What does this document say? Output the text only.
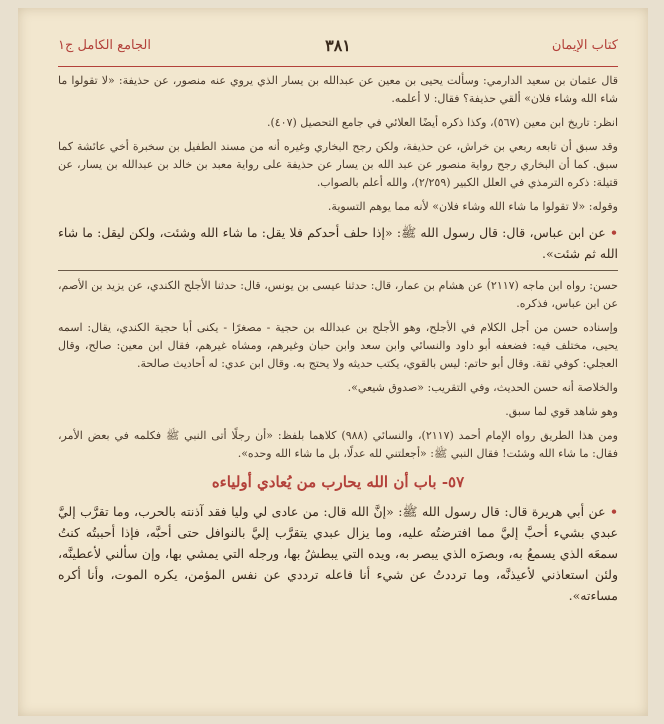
الجامع الكامل ج١	٣٨١	كتاب الإيمان

قال عثمان بن سعيد الدارمي: وسألت يحيى بن معين عن عبدالله بن يسار الذي يروي عنه منصور، عن حذيفة: «لا تقولوا ما شاء الله وشاء فلان» ألقي حذيفة؟ فقال: لا أعلمه.

انظر: تاريخ ابن معين (٥٦٧)، وكذا ذكره أيضًا العلائي في جامع التحصيل (٤٠٧).

وقد سبق أن تابعه ربعي بن خراش، عن حذيفة، ولكن رجح البخاري وغيره أنه من مسند الطفيل بن سخبرة أخي عائشة كما سبق. كما أن البخاري رجح رواية منصور عن عبد الله بن يسار عن حذيفة على رواية معبد بن خالد بن عبدالله بن يسار، عن قتيلة: ذكره الترمذي في العلل الكبير (٢/٢٥٩)، والله أعلم بالصواب.

وقوله: «لا تقولوا ما شاء الله وشاء فلان» لأنه مما يوهم التسوية.

• عن ابن عباس، قال: قال رسول الله ﷺ: «إذا حلف أحدكم فلا يقل: ما شاء الله وشئت، ولكن ليقل: ما شاء الله ثم شئت».

حسن: رواه ابن ماجه (٢١١٧) عن هشام بن عمار، قال: حدثنا عيسى بن يونس، قال: حدثنا الأجلح الكندي، عن يزيد بن الأصم، عن ابن عباس، فذكره.

وإسناده حسن من أجل الكلام في الأجلح، وهو الأجلح بن عبدالله بن حجية - مصغرًا - يكنى أبا حجية الكندي، يقال: اسمه يحيى، مختلف فيه: فضعفه أبو داود والنسائي وابن سعد وابن حبان وغيرهم، ومشاه غيرهم، فقال ابن معين: صالح، وقال العجلي: كوفي ثقة. وقال أبو حاتم: ليس بالقوي، يكتب حديثه ولا يحتج به. وقال ابن عدي: له أحاديث صالحة.

والخلاصة أنه حسن الحديث، وفي التقريب: «صدوق شيعي».

وهو شاهد قوي لما سبق.

ومن هذا الطريق رواه الإمام أحمد (٢١١٧)، والنسائي (٩٨٨) كلاهما بلفظ: «أن رجلًا أتى النبي ﷺ فكلمه في بعض الأمر، فقال: ما شاء الله وشئت! فقال النبي ﷺ: «أجعلتني لله عدلًا، بل ما شاء الله وحده».

٥٧- باب أن الله يحارب من يُعادي أولياءه

• عن أبي هريرة قال: قال رسول الله ﷺ: «إنَّ الله قال: من عادى لي وليا فقد آذنته بالحرب، وما تقرَّب إليَّ عبدي بشيء أحبَّ إليَّ مما افترضتُه عليه، وما يزال عبدي يتقرَّب إليَّ بالنوافل حتى أحبَّه، فإذا أحببتُه كنتُ سمعَه الذي يسمعُ به، وبصرَه الذي يبصر به، ويده التي يبطشُ بها، ورجله التي يمشي بها، وإن سألني لأعطينَّه، ولئن استعاذني لأعيذنَّه، وما ترددتُ عن شيء أنا فاعله ترددي عن نفس المؤمن، يكره الموت، وأنا أكره مساءته».
